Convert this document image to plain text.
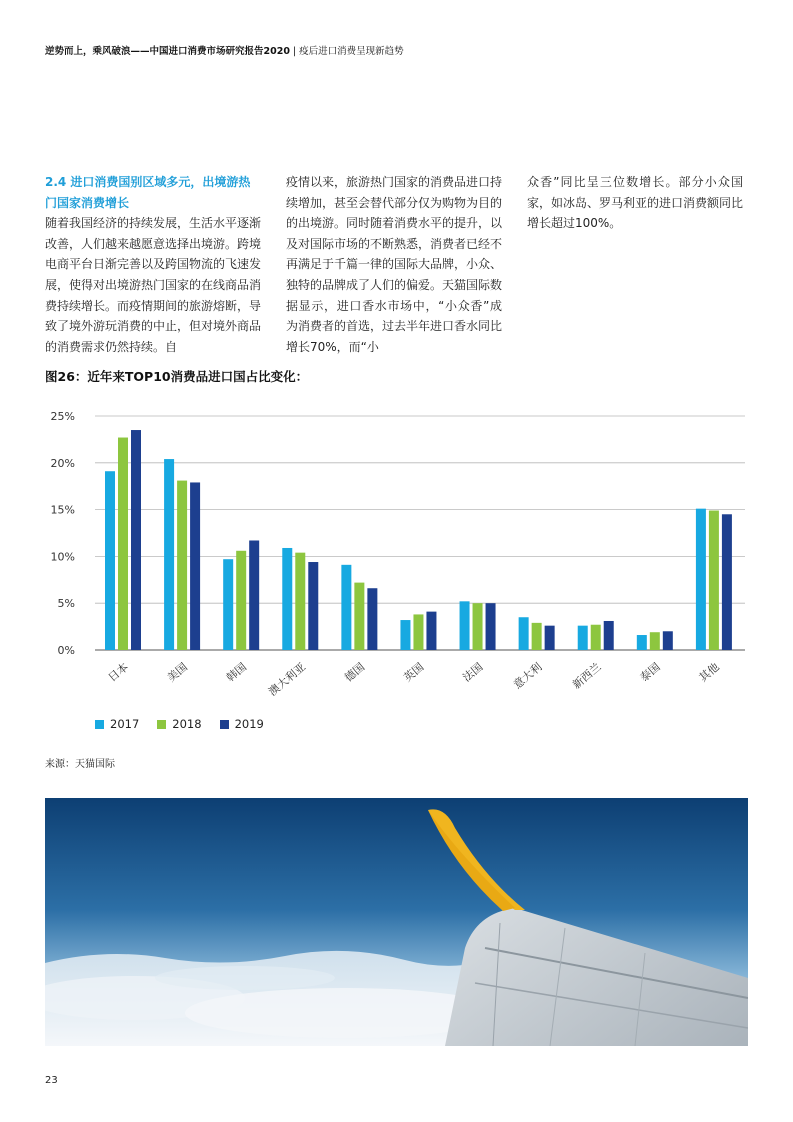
逆势而上，乘风破浪——中国进口消费市场研究报告2020 | 疫后进口消费呈现新趋势
2.4 进口消费国别区域多元，出境游热门国家消费增长

随着我国经济的持续发展，生活水平逐渐改善，人们越来越愿意选择出境游。跨境电商平台日渐完善以及跨国物流的飞速发展，使得对出境游热门国家的在线商品消费持续增长。而疫情期间的旅游熔断，导致了境外游玩消费的中止，但对境外商品的消费需求仍然持续。自

疫情以来，旅游热门国家的消费品进口持续增加，甚至会替代部分仅为购物为目的的出境游。同时随着消费水平的提升，以及对国际市场的不断熟悉，消费者已经不再满足于千篇一律的国际大品牌，小众、独特的品牌成了人们的偏爱。天猫国际数据显示，进口香水市场中，“小众香”成为消费者的首选，过去半年进口香水同比增长70%，而“小

众香”同比呈三位数增长。部分小众国家，如冰岛、罗马利亚的进口消费额同比增长超过100%。

图26：近年来TOP10消费品进口国占比变化：
0%
5%
10%
15%
20%
25%
日本	美国	韩国 澳大利亚	德国	英国	法国 意大利 新西兰	泰国	其他
2017	2018	2019
来源：天猫国际
23
